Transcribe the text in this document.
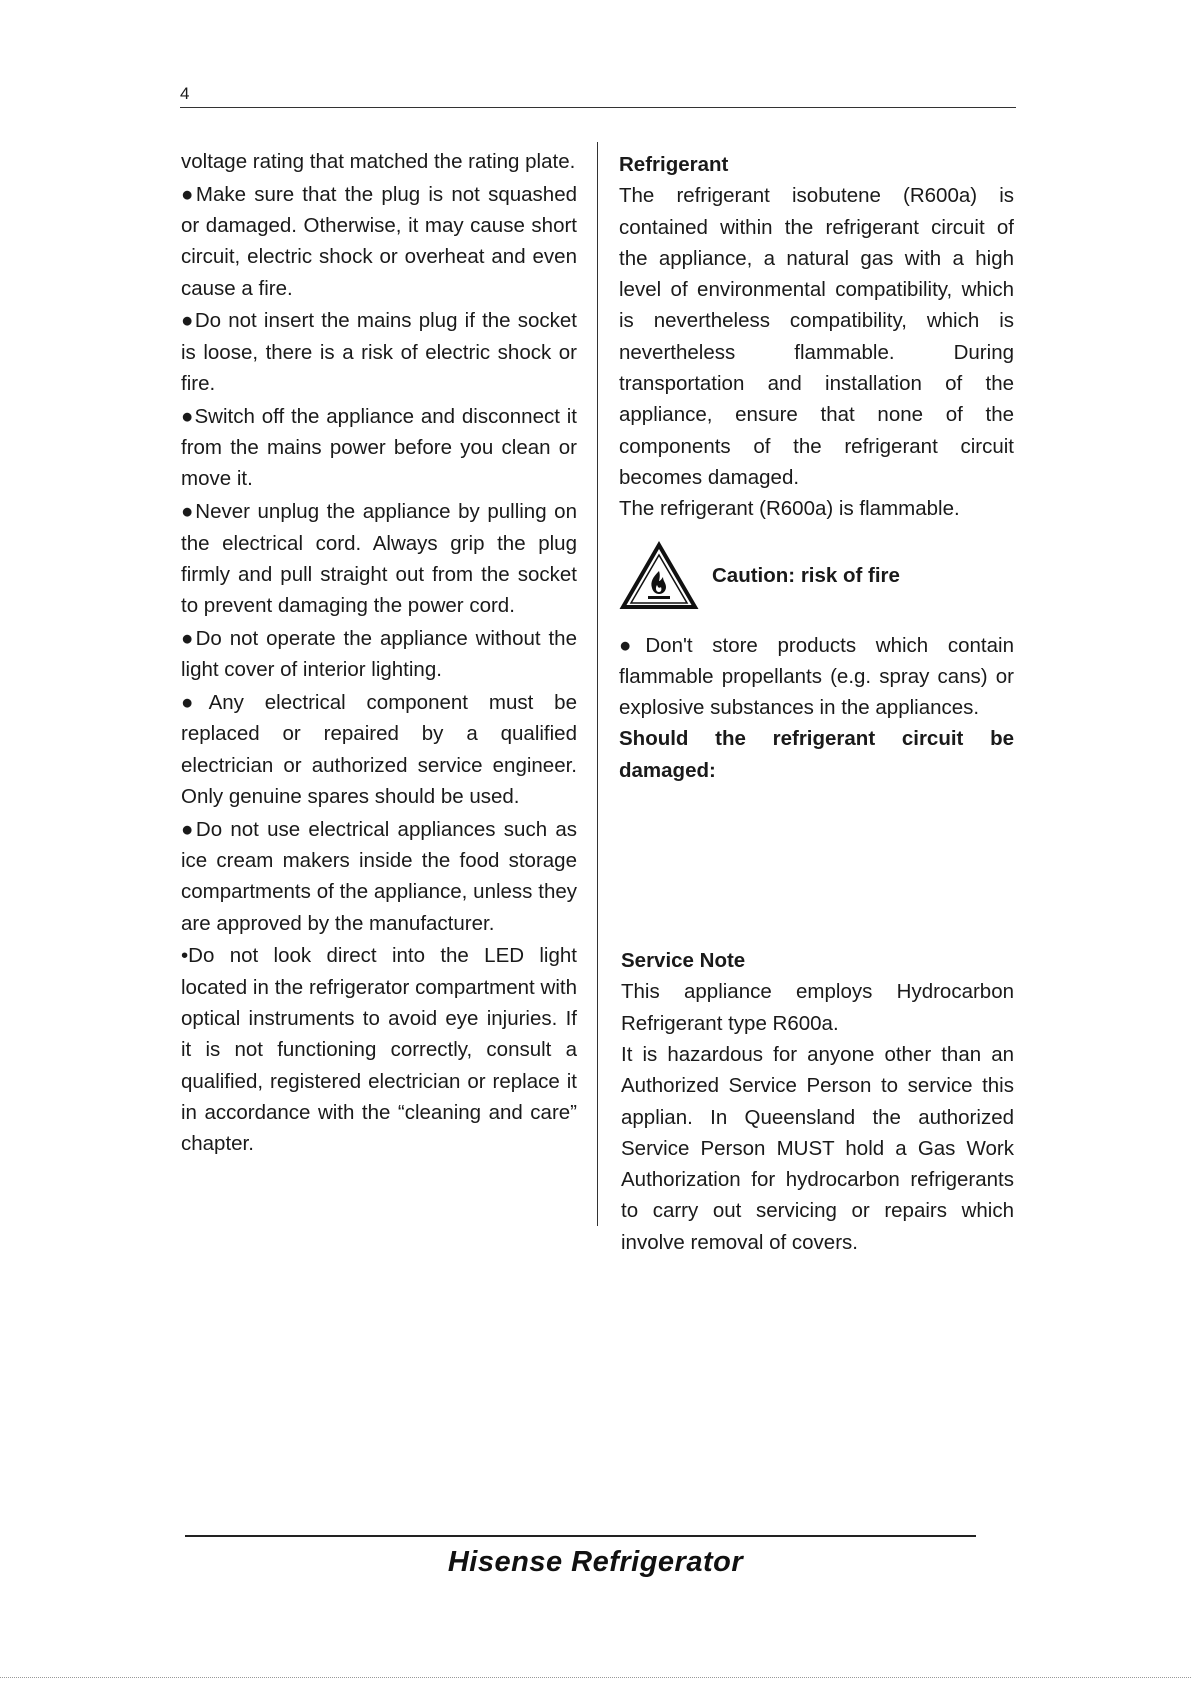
4

voltage rating that matched the rating plate.

●Make sure that the plug is not squashed or damaged. Otherwise, it may cause short circuit, electric shock or overheat and even cause a fire.

●Do not insert the mains plug if the socket is loose, there is a risk of electric shock or fire.

●Switch off the appliance and disconnect it from the mains power before you clean or move it.

●Never unplug the appliance by pulling on the electrical cord. Always grip the plug firmly and pull straight out from the socket to prevent damaging the power cord.

●Do not operate the appliance without the light cover of interior lighting.

●Any electrical component must be replaced or repaired by a qualified electrician or authorized service engineer. Only genuine spares should be used.

●Do not use electrical appliances such as ice cream makers inside the food storage compartments of the appliance, unless they are approved by the manufacturer.

•Do not look direct into the LED light located in the refrigerator compartment with optical instruments to avoid eye injuries. If it is not functioning correctly, consult a qualified, registered electrician or replace it in accordance with the “cleaning and care” chapter.

Refrigerant

The refrigerant isobutene (R600a) is contained within the refrigerant circuit of the appliance, a natural gas with a high level of environmental compatibility, which is nevertheless compatibility, which is nevertheless flammable. During transportation and installation of the appliance, ensure that none of the components of the refrigerant circuit becomes damaged.

The refrigerant (R600a) is flammable.

Caution: risk of fire

●Don't store products which contain flammable propellants (e.g. spray cans) or explosive substances in the appliances.

Should the refrigerant circuit be damaged:

Service Note

This appliance employs Hydrocarbon Refrigerant type R600a.

It is hazardous for anyone other than an Authorized Service Person to service this applian. In Queensland the authorized Service Person MUST hold a Gas Work Authorization for hydrocarbon refrigerants to carry out servicing or repairs which involve removal of covers.

Hisense Refrigerator
